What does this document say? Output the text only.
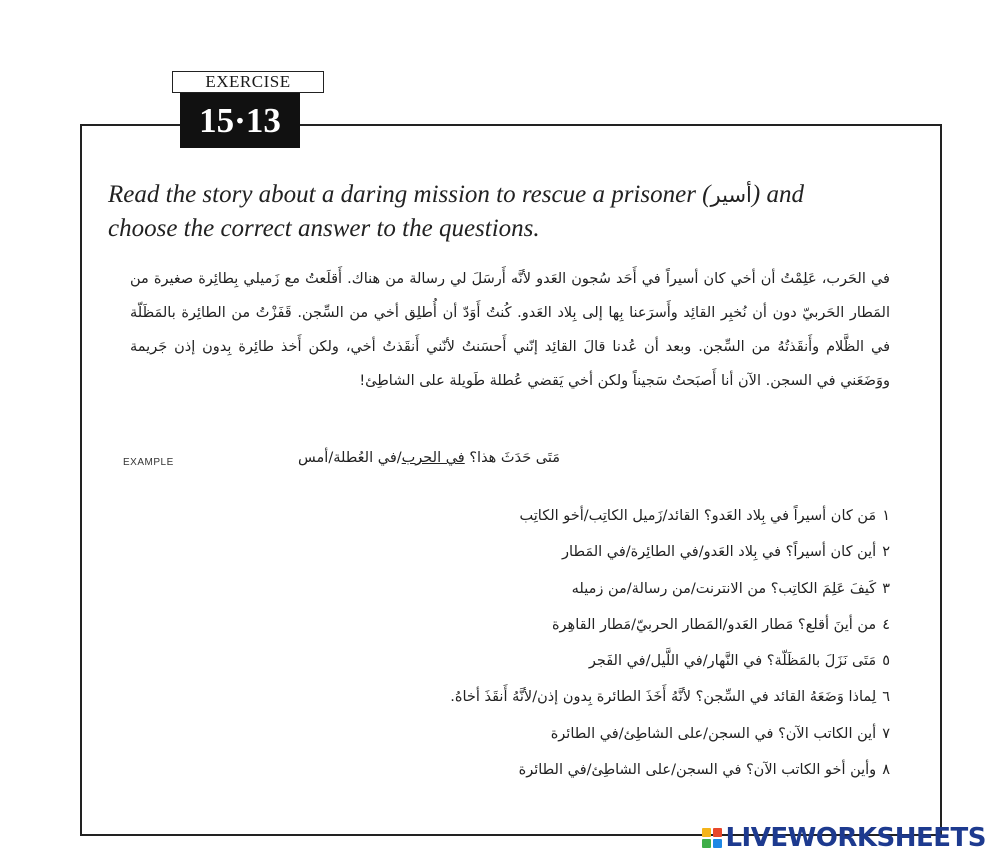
EXERCISE
15·13
Read the story about a daring mission to rescue a prisoner (أسير) and
choose the correct answer to the questions.
في الحَرب، عَلِمْتُ أن أخي كان أسيراً في أَحَد سُجون العَدو لأنَّه أَرسَلَ لي رسالة من هناك. أَقلَعتُ مع زَميلي بِطائِرة صغيرة من المَطار الحَربيّ دون أن نُخبِر القائِد وأَسرَعنا بِها إلى بِلاد العَدو. كُنتُ أَوَدّ أن أُطلِق أخي من السِّجن. قَفَزْتُ من الطائِرة بالمَظَلّة في الظَّلام وأَنقَذتُهُ من السِّجن. وبعد أن عُدنا قالَ القائِد إنّني أَحسَنتُ لأنّني أَنقَذتُ أخي، ولكن أَخذ طائِرة بِدون إذن جَريمة ووَضَعَني في السجن. الآن أنا أَصبَحتُ سَجيناً ولكن أخي يَقضي عُطلة طَويلة على الشاطِئ!
EXAMPLE	مَتَى حَدَثَ هذا؟ في الحرب/في العُطلة/أمس
١مَن كان أسيراً في بِلاد العَدو؟ القائد/زَميل الكاتِب/أخو الكاتِب
٢أين كان أسيراً؟ في بِلاد العَدو/في الطائِرة/في المَطار
٣كَيفَ عَلِمَ الكاتِب؟ من الانترنت/من رسالة/من زميله
٤من أينَ أقلع؟ مَطار العَدو/المَطار الحربيّ/مَطار القاهِرة
٥مَتَى نَزَلَ بالمَظَلّة؟ في النَّهار/في اللَّيل/في الفَجر
٦لِماذا وَضَعَهُ القائد في السِّجن؟ لأنَّهُ أَخَذَ الطائرة بِدون إذن/لأنَّهُ أَنقَذَ أخاهُ.
٧أين الكاتب الآن؟ في السجن/على الشاطِئ/في الطائرة
٨وأين أخو الكاتب الآن؟ في السجن/على الشاطِئ/في الطائرة
LIVEWORKSHEETS
